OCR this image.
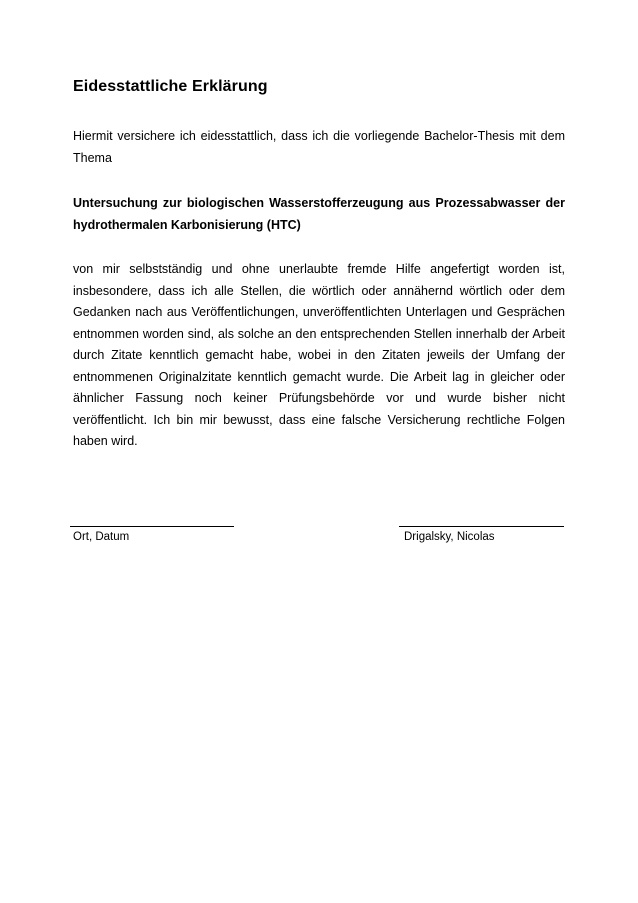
Eidesstattliche Erklärung
Hiermit versichere ich eidesstattlich, dass ich die vorliegende Bachelor-Thesis mit dem Thema
Untersuchung zur biologischen Wasserstofferzeugung aus Prozessabwasser der hydrothermalen Karbonisierung (HTC)
von mir selbstständig und ohne unerlaubte fremde Hilfe angefertigt worden ist, insbesondere, dass ich alle Stellen, die wörtlich oder annähernd wörtlich oder dem Gedanken nach aus Veröffentlichungen, unveröffentlichten Unterlagen und Gesprächen entnommen worden sind, als solche an den entsprechenden Stellen innerhalb der Arbeit durch Zitate kenntlich gemacht habe, wobei in den Zitaten jeweils der Umfang der entnommenen Originalzitate kenntlich gemacht wurde. Die Arbeit lag in gleicher oder ähnlicher Fassung noch keiner Prüfungsbehörde vor und wurde bisher nicht veröffentlicht. Ich bin mir bewusst, dass eine falsche Versicherung rechtliche Folgen haben wird.
Ort, Datum	Drigalsky, Nicolas
